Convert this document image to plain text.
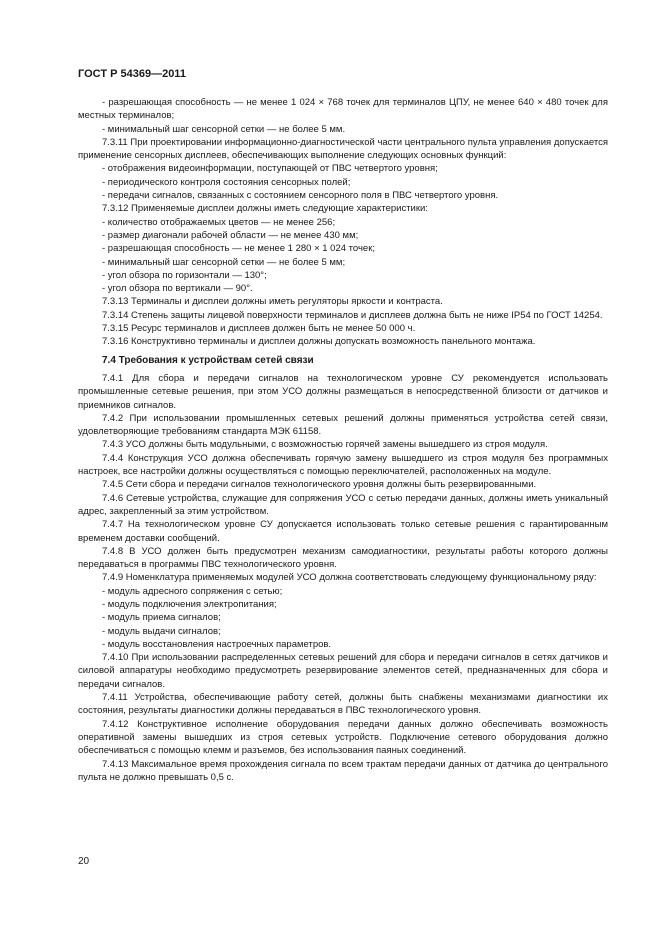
ГОСТ Р 54369—2011

- разрешающая способность — не менее 1 024 × 768 точек для терминалов ЦПУ, не менее 640 × 480 точек для местных терминалов;

- минимальный шаг сенсорной сетки — не более 5 мм.

7.3.11 При проектировании информационно-диагностической части центрального пульта управления допускается применение сенсорных дисплеев, обеспечивающих выполнение следующих основных функций:

- отображения видеоинформации, поступающей от ПВС четвертого уровня;

- периодического контроля состояния сенсорных полей;

- передачи сигналов, связанных с состоянием сенсорного поля в ПВС четвертого уровня.

7.3.12 Применяемые дисплеи должны иметь следующие характеристики:

- количество отображаемых цветов — не менее 256;

- размер диагонали рабочей области — не менее 430 мм;

- разрешающая способность — не менее 1 280 × 1 024 точек;

- минимальный шаг сенсорной сетки — не более 5 мм;

- угол обзора по горизонтали — 130°;

- угол обзора по вертикали — 90°.

7.3.13 Терминалы и дисплеи должны иметь регуляторы яркости и контраста.

7.3.14 Степень защиты лицевой поверхности терминалов и дисплеев должна быть не ниже IP54 по ГОСТ 14254.

7.3.15 Ресурс терминалов и дисплеев должен быть не менее 50 000 ч.

7.3.16 Конструктивно терминалы и дисплеи должны допускать возможность панельного монтажа.

7.4 Требования к устройствам сетей связи

7.4.1 Для сбора и передачи сигналов на технологическом уровне СУ рекомендуется использовать промышленные сетевые решения, при этом УСО должны размещаться в непосредственной близости от датчиков и приемников сигналов.

7.4.2 При использовании промышленных сетевых решений должны применяться устройства сетей связи, удовлетворяющие требованиям стандарта МЭК 61158.

7.4.3 УСО должны быть модульными, с возможностью горячей замены вышедшего из строя модуля.

7.4.4 Конструкция УСО должна обеспечивать горячую замену вышедшего из строя модуля без программных настроек, все настройки должны осуществляться с помощью переключателей, расположенных на модуле.

7.4.5 Сети сбора и передачи сигналов технологического уровня должны быть резервированными.

7.4.6 Сетевые устройства, служащие для сопряжения УСО с сетью передачи данных, должны иметь уникальный адрес, закрепленный за этим устройством.

7.4.7 На технологическом уровне СУ допускается использовать только сетевые решения с гарантированным временем доставки сообщений.

7.4.8 В УСО должен быть предусмотрен механизм самодиагностики, результаты работы которого должны передаваться в программы ПВС технологического уровня.

7.4.9 Номенклатура применяемых модулей УСО должна соответствовать следующему функциональному ряду:

- модуль адресного сопряжения с сетью;

- модуль подключения электропитания;

- модуль приема сигналов;

- модуль выдачи сигналов;

- модуль восстановления настроечных параметров.

7.4.10 При использовании распределенных сетевых решений для сбора и передачи сигналов в сетях датчиков и силовой аппаратуры необходимо предусмотреть резервирование элементов сетей, предназначенных для сбора и передачи сигналов.

7.4.11 Устройства, обеспечивающие работу сетей, должны быть снабжены механизмами диагностики их состояния, результаты диагностики должны передаваться в ПВС технологического уровня.

7.4.12 Конструктивное исполнение оборудования передачи данных должно обеспечивать возможность оперативной замены вышедших из строя сетевых устройств. Подключение сетевого оборудования должно обеспечиваться с помощью клемм и разъемов, без использования паяных соединений.

7.4.13 Максимальное время прохождения сигнала по всем трактам передачи данных от датчика до центрального пульта не должно превышать 0,5 с.

20
